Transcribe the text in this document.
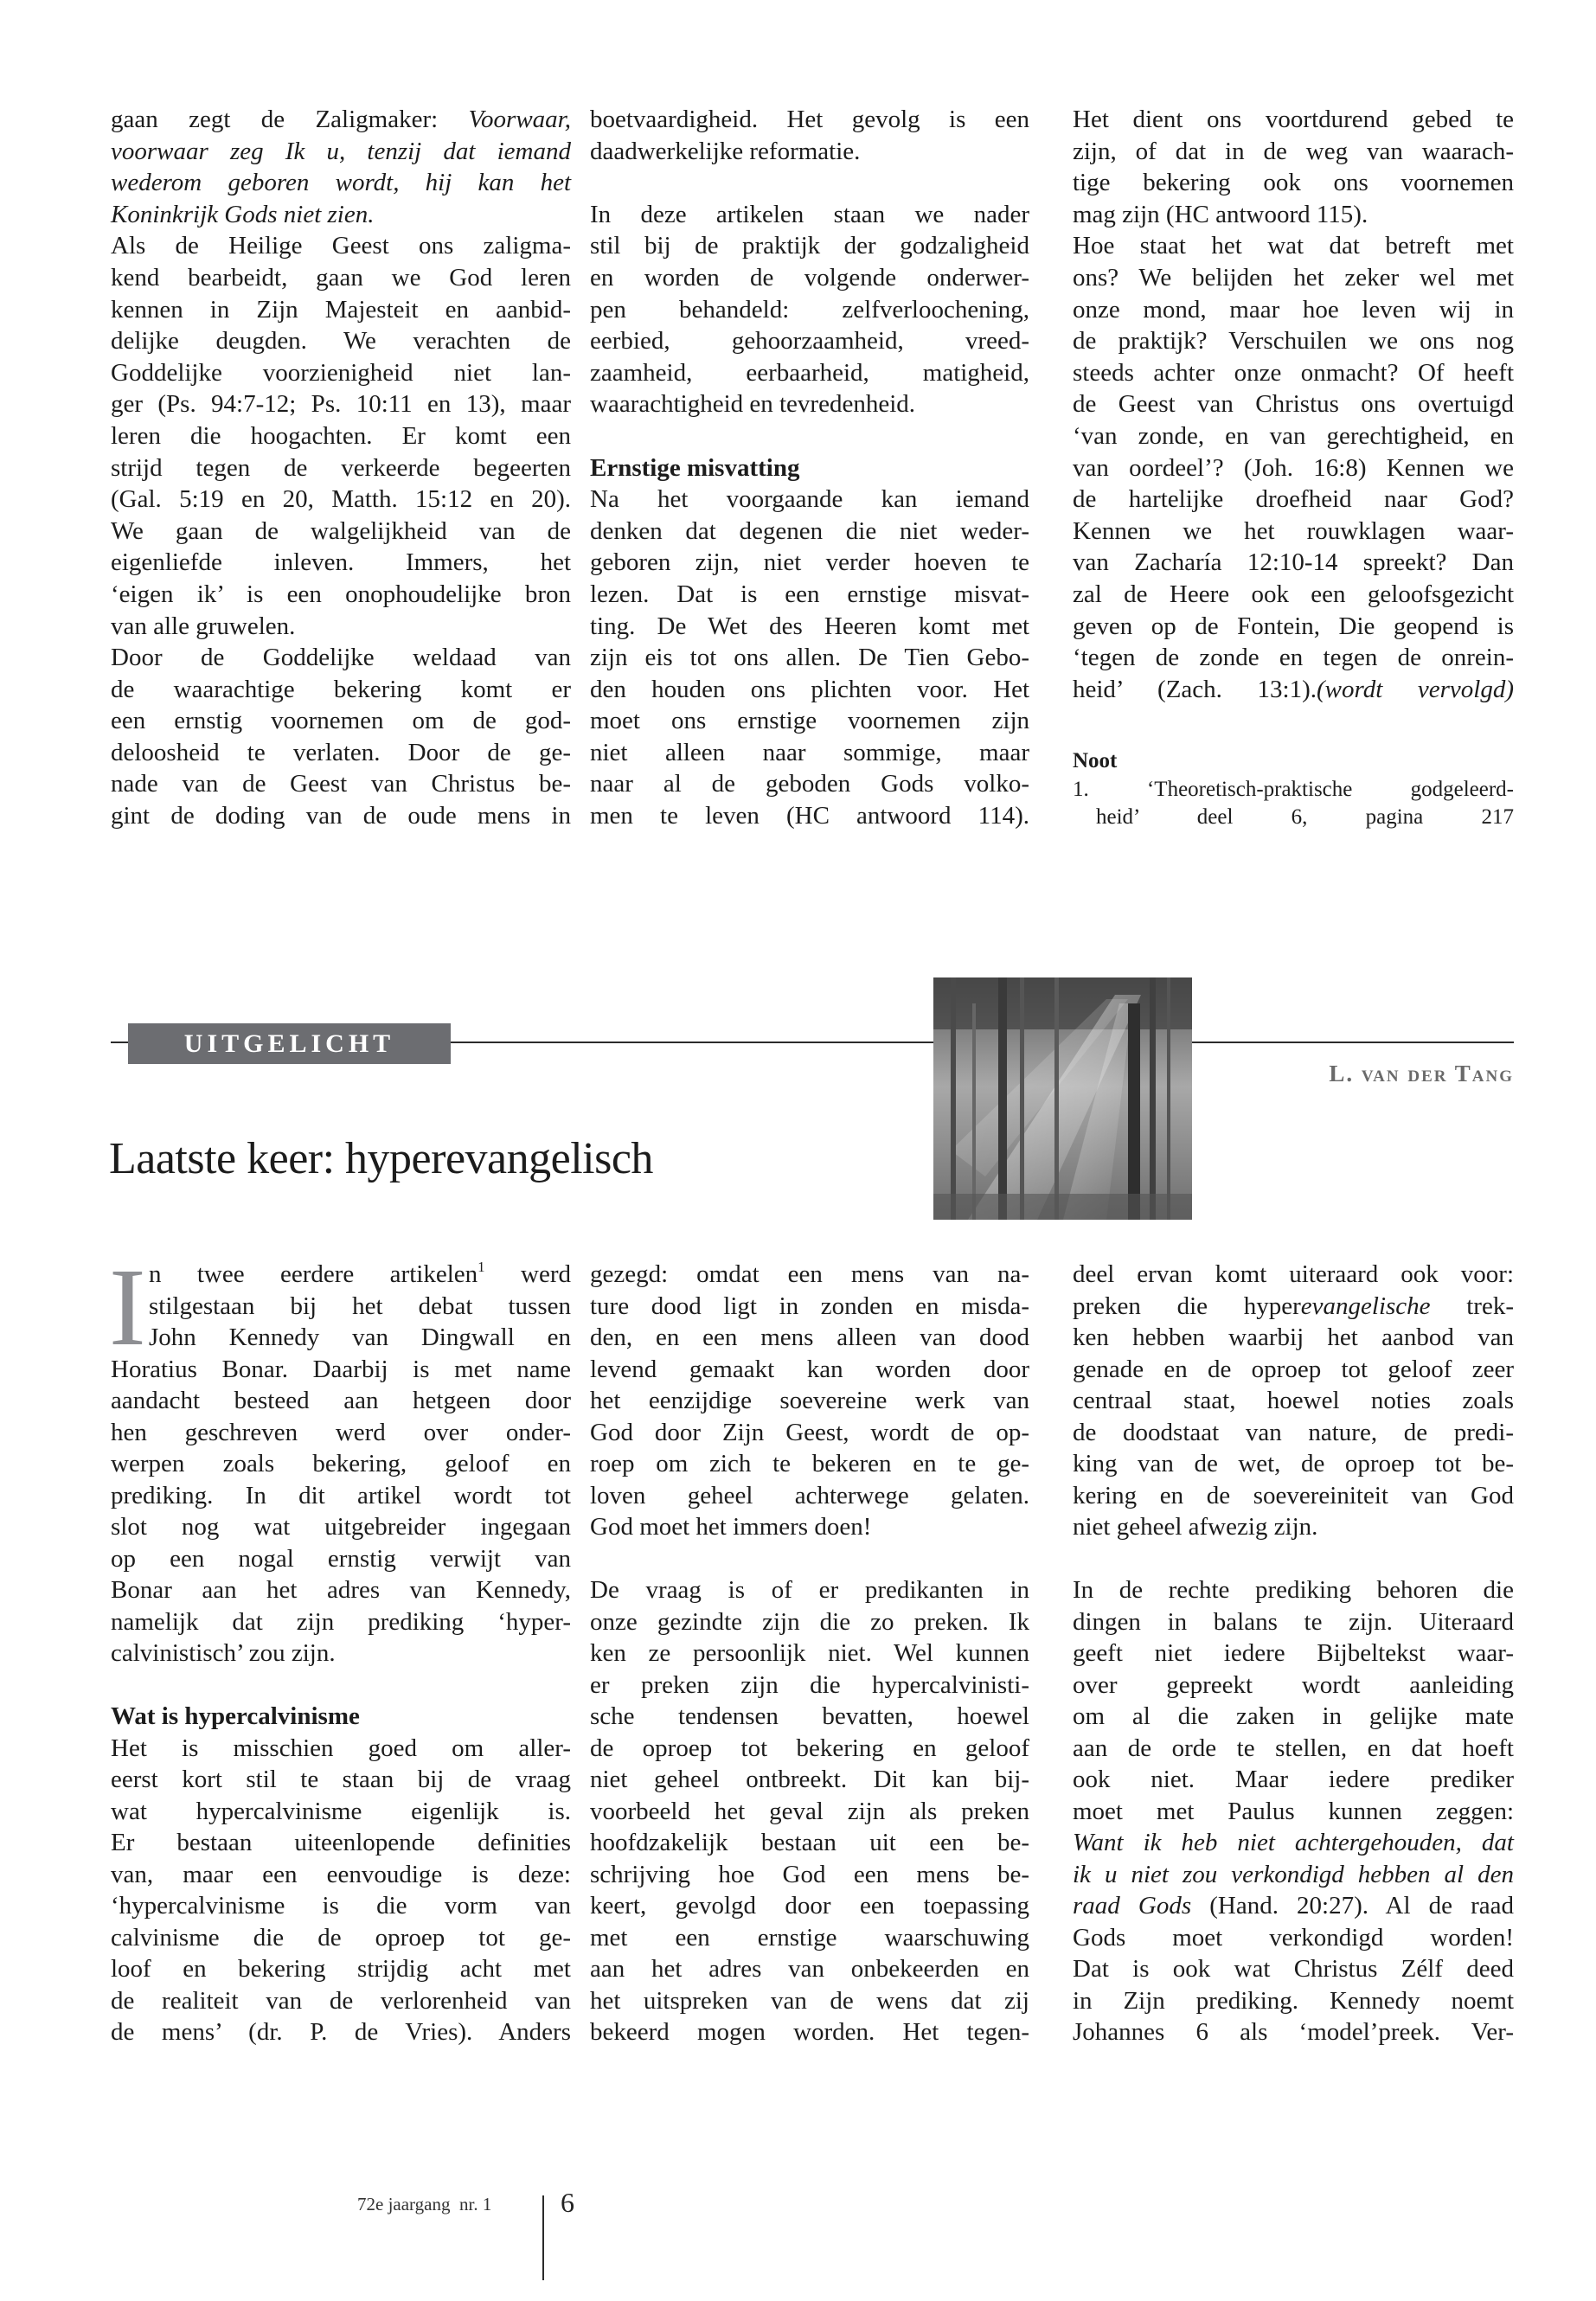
gaan zegt de Zaligmaker: Voorwaar,
voorwaar zeg Ik u, tenzij dat iemand
wederom geboren wordt, hij kan het
Koninkrijk Gods niet zien.
Als de Heilige Geest ons zaligma-
kend bearbeidt, gaan we God leren
kennen in Zijn Majesteit en aanbid-
delijke deugden. We verachten de
Goddelijke voorzienigheid niet lan-
ger (Ps. 94:7-12; Ps. 10:11 en 13), maar
leren die hoogachten. Er komt een
strijd tegen de verkeerde begeerten
(Gal. 5:19 en 20, Matth. 15:12 en 20).
We gaan de walgelijkheid van de
eigenliefde inleven. Immers, het
‘eigen ik’ is een onophoudelijke bron
van alle gruwelen.
Door de Goddelijke weldaad van
de waarachtige bekering komt er
een ernstig voornemen om de god-
deloosheid te verlaten. Door de ge-
nade van de Geest van Christus be-
gint de doding van de oude mens in
boetvaardigheid. Het gevolg is een
daadwerkelijke reformatie.
In deze artikelen staan we nader
stil bij de praktijk der godzaligheid
en worden de volgende onderwer-
pen behandeld: zelfverloochening,
eerbied, gehoorzaamheid, vreed-
zaamheid, eerbaarheid, matigheid,
waarachtigheid en tevredenheid.
Ernstige misvatting
Na het voorgaande kan iemand
denken dat degenen die niet weder-
geboren zijn, niet verder hoeven te
lezen. Dat is een ernstige misvat-
ting. De Wet des Heeren komt met
zijn eis tot ons allen. De Tien Gebo-
den houden ons plichten voor. Het
moet ons ernstige voornemen zijn
niet alleen naar sommige, maar
naar al de geboden Gods volko-
men te leven (HC antwoord 114).
Het dient ons voortdurend gebed te
zijn, of dat in de weg van waarach-
tige bekering ook ons voornemen
mag zijn (HC antwoord 115).
Hoe staat het wat dat betreft met
ons? We belijden het zeker wel met
onze mond, maar hoe leven wij in
de praktijk? Verschuilen we ons nog
steeds achter onze onmacht? Of heeft
de Geest van Christus ons overtuigd
‘van zonde, en van gerechtigheid, en
van oordeel’? (Joh. 16:8) Kennen we
de hartelijke droefheid naar God?
Kennen we het rouwklagen waar-
van Zacharía 12:10-14 spreekt? Dan
zal de Heere ook een geloofsgezicht
geven op de Fontein, Die geopend is
‘tegen de zonde en tegen de onrein-
heid’ (Zach. 13:1).(wordt vervolgd)
Noot
1. ‘Theoretisch-praktische godgeleerd-
heid’ deel 6, pagina 217
UITGELICHT
L. van der Tang
Laatste keer: hyperevangelisch
I n twee eerdere artikelen$^1$ werd
stilgestaan bij het debat tussen
John Kennedy van Dingwall en
Horatius Bonar. Daarbij is met name
aandacht besteed aan hetgeen door
hen geschreven werd over onder-
werpen zoals bekering, geloof en
prediking. In dit artikel wordt tot
slot nog wat uitgebreider ingegaan
op een nogal ernstig verwijt van
Bonar aan het adres van Kennedy,
namelijk dat zijn prediking ‘hyper-
calvinistisch’ zou zijn.
Wat is hypercalvinisme
Het is misschien goed om aller-
eerst kort stil te staan bij de vraag
wat hypercalvinisme eigenlijk is.
Er bestaan uiteenlopende definities
van, maar een eenvoudige is deze:
‘hypercalvinisme is die vorm van
calvinisme die de oproep tot ge-
loof en bekering strijdig acht met
de realiteit van de verlorenheid van
de mens’ (dr. P. de Vries). Anders
gezegd: omdat een mens van na-
ture dood ligt in zonden en misda-
den, en een mens alleen van dood
levend gemaakt kan worden door
het eenzijdige soevereine werk van
God door Zijn Geest, wordt de op-
roep om zich te bekeren en te ge-
loven geheel achterwege gelaten.
God moet het immers doen!
De vraag is of er predikanten in
onze gezindte zijn die zo preken. Ik
ken ze persoonlijk niet. Wel kunnen
er preken zijn die hypercalvinisti-
sche tendensen bevatten, hoewel
de oproep tot bekering en geloof
niet geheel ontbreekt. Dit kan bij-
voorbeeld het geval zijn als preken
hoofdzakelijk bestaan uit een be-
schrijving hoe God een mens be-
keert, gevolgd door een toepassing
met een ernstige waarschuwing
aan het adres van onbekeerden en
het uitspreken van de wens dat zij
bekeerd mogen worden. Het tegen-
deel ervan komt uiteraard ook voor:
preken die hyperevangelische trek-
ken hebben waarbij het aanbod van
genade en de oproep tot geloof zeer
centraal staat, hoewel noties zoals
de doodstaat van nature, de predi-
king van de wet, de oproep tot be-
kering en de soevereiniteit van God
niet geheel afwezig zijn.
In de rechte prediking behoren die
dingen in balans te zijn. Uiteraard
geeft niet iedere Bijbeltekst waar-
over gepreekt wordt aanleiding
om al die zaken in gelijke mate
aan de orde te stellen, en dat hoeft
ook niet. Maar iedere prediker
moet met Paulus kunnen zeggen:
Want ik heb niet achtergehouden, dat
ik u niet zou verkondigd hebben al den
raad Gods (Hand. 20:27). Al de raad
Gods moet verkondigd worden!
Dat is ook wat Christus Zélf deed
in Zijn prediking. Kennedy noemt
Johannes 6 als ‘model’preek. Ver-
72e jaargang  nr. 1 6
